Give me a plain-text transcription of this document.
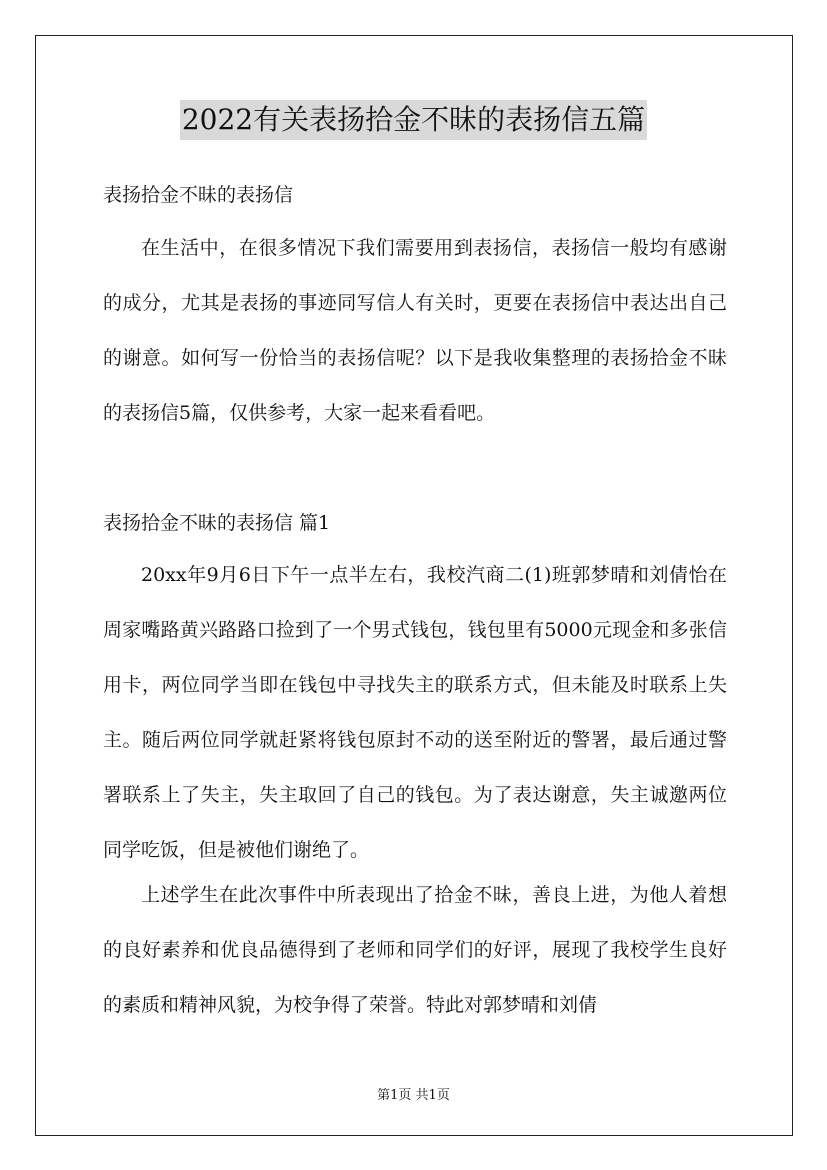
2022有关表扬拾金不昧的表扬信五篇
表扬拾金不昧的表扬信
在生活中，在很多情况下我们需要用到表扬信，表扬信一般均有感谢的成分，尤其是表扬的事迹同写信人有关时，更要在表扬信中表达出自己的谢意。如何写一份恰当的表扬信呢？以下是我收集整理的表扬拾金不昧的表扬信5篇，仅供参考，大家一起来看看吧。
表扬拾金不昧的表扬信 篇1
20xx年9月6日下午一点半左右，我校汽商二(1)班郭梦晴和刘倩怡在周家嘴路黄兴路路口捡到了一个男式钱包，钱包里有5000元现金和多张信用卡，两位同学当即在钱包中寻找失主的联系方式，但未能及时联系上失主。随后两位同学就赶紧将钱包原封不动的送至附近的警署，最后通过警署联系上了失主，失主取回了自己的钱包。为了表达谢意，失主诚邀两位同学吃饭，但是被他们谢绝了。
上述学生在此次事件中所表现出了拾金不昧，善良上进，为他人着想的良好素养和优良品德得到了老师和同学们的好评，展现了我校学生良好的素质和精神风貌，为校争得了荣誉。特此对郭梦晴和刘倩
第1页 共1页
